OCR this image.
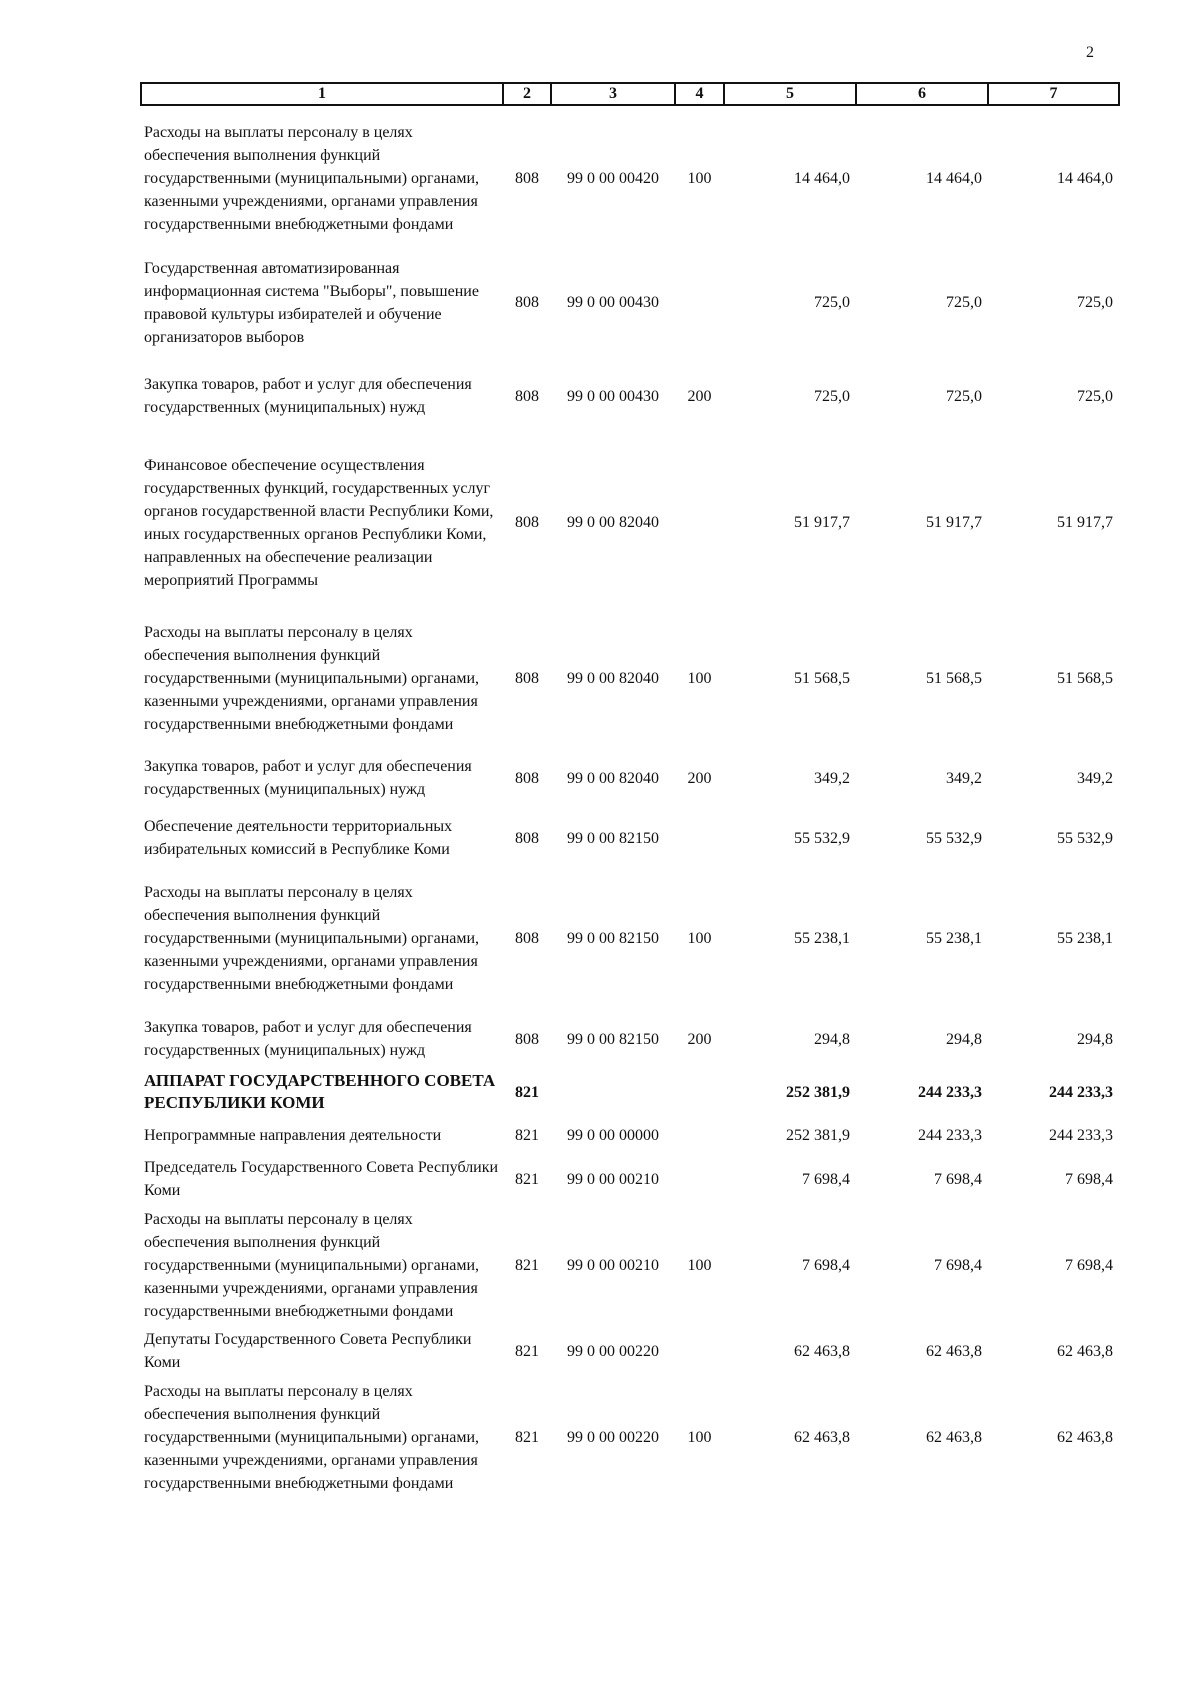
2
1	2	3	4	5	6	7
Расходы на выплаты персоналу в целях обеспечения выполнения функций государственными (муниципальными) органами, казенными учреждениями, органами управления государственными внебюджетными фондами	808	99 0 00 00420	100	14 464,0	14 464,0	14 464,0
Государственная автоматизированная информационная система "Выборы", повышение правовой культуры избирателей и обучение организаторов выборов	808	99 0 00 00430		725,0	725,0	725,0
Закупка товаров, работ и услуг для обеспечения государственных (муниципальных) нужд	808	99 0 00 00430	200	725,0	725,0	725,0
Финансовое обеспечение осуществления государственных функций, государственных услуг органов государственной власти Республики Коми, иных государственных органов Республики Коми, направленных на обеспечение реализации мероприятий Программы	808	99 0 00 82040		51 917,7	51 917,7	51 917,7
Расходы на выплаты персоналу в целях обеспечения выполнения функций государственными (муниципальными) органами, казенными учреждениями, органами управления государственными внебюджетными фондами	808	99 0 00 82040	100	51 568,5	51 568,5	51 568,5
Закупка товаров, работ и услуг для обеспечения государственных (муниципальных) нужд	808	99 0 00 82040	200	349,2	349,2	349,2
Обеспечение деятельности территориальных избирательных комиссий в Республике Коми	808	99 0 00 82150		55 532,9	55 532,9	55 532,9
Расходы на выплаты персоналу в целях обеспечения выполнения функций государственными (муниципальными) органами, казенными учреждениями, органами управления государственными внебюджетными фондами	808	99 0 00 82150	100	55 238,1	55 238,1	55 238,1
Закупка товаров, работ и услуг для обеспечения государственных (муниципальных) нужд	808	99 0 00 82150	200	294,8	294,8	294,8
АППАРАТ ГОСУДАРСТВЕННОГО СОВЕТА РЕСПУБЛИКИ КОМИ	821			252 381,9	244 233,3	244 233,3
Непрограммные направления деятельности	821	99 0 00 00000		252 381,9	244 233,3	244 233,3
Председатель Государственного Совета Республики Коми	821	99 0 00 00210		7 698,4	7 698,4	7 698,4
Расходы на выплаты персоналу в целях обеспечения выполнения функций государственными (муниципальными) органами, казенными учреждениями, органами управления государственными внебюджетными фондами	821	99 0 00 00210	100	7 698,4	7 698,4	7 698,4
Депутаты Государственного Совета Республики Коми	821	99 0 00 00220		62 463,8	62 463,8	62 463,8
Расходы на выплаты персоналу в целях обеспечения выполнения функций государственными (муниципальными) органами, казенными учреждениями, органами управления государственными внебюджетными фондами	821	99 0 00 00220	100	62 463,8	62 463,8	62 463,8
